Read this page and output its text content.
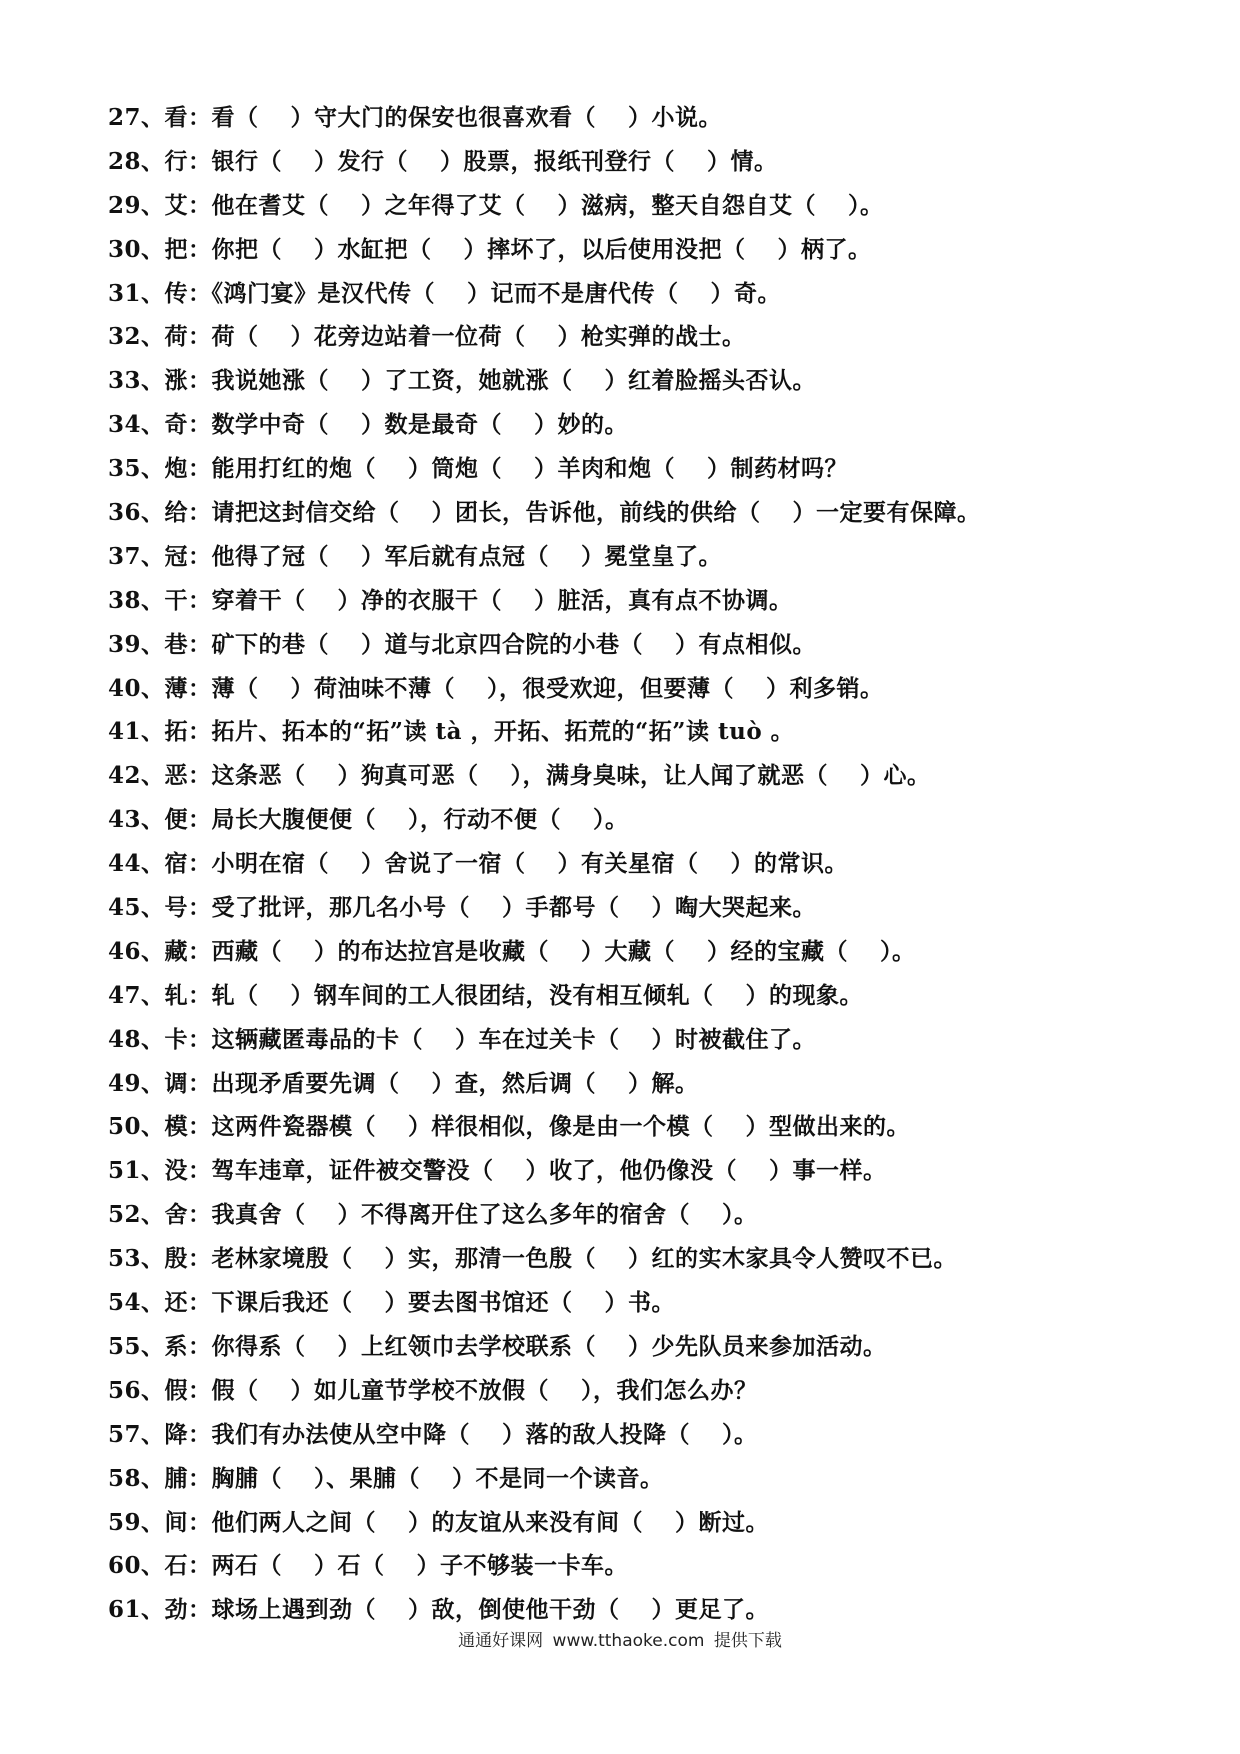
27、看：看（　 ）守大门的保安也很喜欢看（　 ）小说。
28、行：银行（　 ）发行（　 ）股票，报纸刊登行（　 ）情。
29、艾：他在耆艾（　 ）之年得了艾（　 ）滋病，整天自怨自艾（　 ）。
30、把：你把（　 ）水缸把（　 ）摔坏了，以后使用没把（　 ）柄了。
31、传：《鸿门宴》是汉代传（　 ）记而不是唐代传（　 ）奇。
32、荷：荷（　 ）花旁边站着一位荷（　 ）枪实弹的战士。
33、涨：我说她涨（　 ）了工资，她就涨（　 ）红着脸摇头否认。
34、奇：数学中奇（　 ）数是最奇（　 ）妙的。
35、炮：能用打红的炮（　 ）筒炮（　 ）羊肉和炮（　 ）制药材吗？
36、给：请把这封信交给（　 ）团长，告诉他，前线的供给（　 ）一定要有保障。
37、冠：他得了冠（　 ）军后就有点冠（　 ）冕堂皇了。
38、干：穿着干（　 ）净的衣服干（　 ）脏活，真有点不协调。
39、巷：矿下的巷（　 ）道与北京四合院的小巷（　 ）有点相似。
40、薄：薄（　 ）荷油味不薄（　 ），很受欢迎，但要薄（　 ）利多销。
41、拓：拓片、拓本的“拓”读 tà ，开拓、拓荒的“拓”读 tuò 。
42、恶：这条恶（　 ）狗真可恶（　 ），满身臭味，让人闻了就恶（　 ）心。
43、便：局长大腹便便（　 ），行动不便（　 ）。
44、宿：小明在宿（　 ）舍说了一宿（　 ）有关星宿（　 ）的常识。
45、号：受了批评，那几名小号（　 ）手都号（　 ）啕大哭起来。
46、藏：西藏（　 ）的布达拉宫是收藏（　 ）大藏（　 ）经的宝藏（　 ）。
47、轧：轧（　 ）钢车间的工人很团结，没有相互倾轧（　 ）的现象。
48、卡：这辆藏匿毒品的卡（　 ）车在过关卡（　 ）时被截住了。
49、调：出现矛盾要先调（　 ）查，然后调（　 ）解。
50、模：这两件瓷器模（　 ）样很相似，像是由一个模（　 ）型做出来的。
51、没：驾车违章，证件被交警没（　 ）收了，他仍像没（　 ）事一样。
52、舍：我真舍（　 ）不得离开住了这么多年的宿舍（　 ）。
53、殷：老林家境殷（　 ）实，那清一色殷（　 ）红的实木家具令人赞叹不已。
54、还：下课后我还（　 ）要去图书馆还（　 ）书。
55、系：你得系（　 ）上红领巾去学校联系（　 ）少先队员来参加活动。
56、假：假（　 ）如儿童节学校不放假（　 ），我们怎么办？
57、降：我们有办法使从空中降（　 ）落的敌人投降（　 ）。
58、脯：胸脯（　 ）、果脯（　 ）不是同一个读音。
59、间：他们两人之间（　 ）的友谊从来没有间（　 ）断过。
60、石：两石（　 ）石（　 ）子不够装一卡车。
61、劲：球场上遇到劲（　 ）敌，倒使他干劲（　 ）更足了。
通通好课网 www.tthaoke.com 提供下载
